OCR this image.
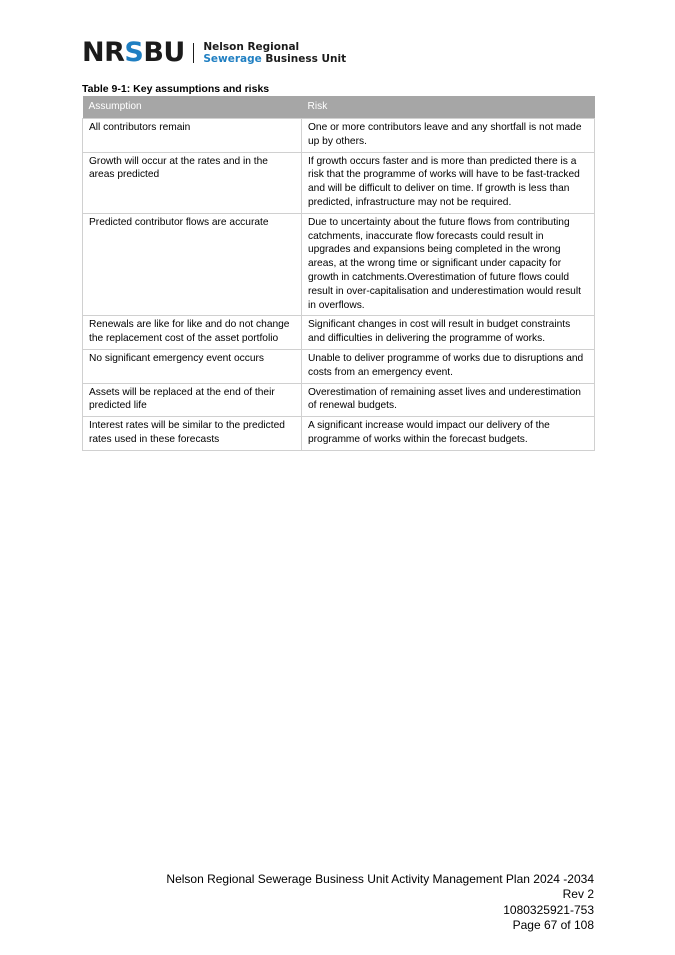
NRSBU Nelson Regional
Sewerage Business Unit
Table 9-1: Key assumptions and risks
Assumption	Risk
All contributors remain	One or more contributors leave and any shortfall is not made up by others.
Growth will occur at the rates and in the areas predicted	If growth occurs faster and is more than predicted there is a risk that the programme of works will have to be fast-tracked and will be difficult to deliver on time. If growth is less than predicted, infrastructure may not be required.
Predicted contributor flows are accurate	Due to uncertainty about the future flows from contributing catchments, inaccurate flow forecasts could result in upgrades and expansions being completed in the wrong areas, at the wrong time or significant under capacity for growth in catchments.Overestimation of future flows could result in over-capitalisation and underestimation would result in overflows.
Renewals are like for like and do not change the replacement cost of the asset portfolio	Significant changes in cost will result in budget constraints and difficulties in delivering the programme of works.
No significant emergency event occurs	Unable to deliver programme of works due to disruptions and costs from an emergency event.
Assets will be replaced at the end of their predicted life	Overestimation of remaining asset lives and underestimation of renewal budgets.
Interest rates will be similar to the predicted rates used in these forecasts	A significant increase would impact our delivery of the programme of works within the forecast budgets.
Nelson Regional Sewerage Business Unit Activity Management Plan 2024 -2034
Rev 2
1080325921-753
Page 67 of 108
